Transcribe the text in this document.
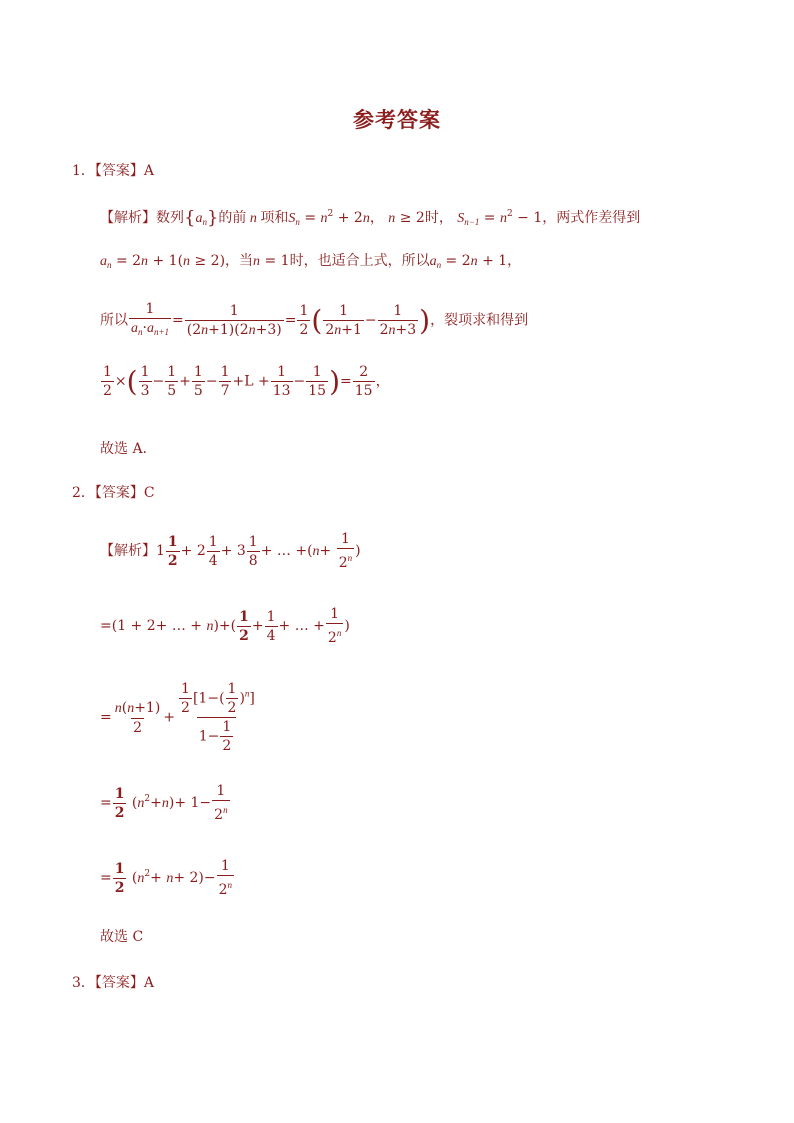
参考答案
1．【答案】A
【解析】数列$\{a_n\}$的前 n 项和$S_n = n^2 + 2n$， n ≥ 2时， $S_{n-1} = n^2 - 1$，两式作差得到
$a_n = 2n + 1(n \ge 2)$，当n = 1时，也适合上式，所以$a_n = 2n + 1$，
所以 $\frac{1}{a_n\cdot a_{n+1}} = \frac{1}{(2n+1)(2n+3)} = \frac{1}{2}$ ( $\frac{1}{2n+1} - \frac{1}{2n+3}$ )，裂项求和得到
$\frac{1}{2}$ ×( $\frac{1}{3} - \frac{1}{5} + \frac{1}{5} - \frac{1}{7} +L + \frac{1}{13} - \frac{1}{15}$ )= $\frac{2}{15}$ ，
故选 A.
2．【答案】C
【解析】$1 \frac{1}{2} + 2 \frac{1}{4} + 3 \frac{1}{8}$ + … $+(n+ \frac{1}{2^n}$ )
=(1 + 2+ … + $n)+( \frac{1}{2} + \frac{1}{4}$ + … + $\frac{1}{2^n}$ )
= $\frac{n(n+1)}{2} + \frac{\frac{1}{2} [1-( \frac{1}{2} )^n]}{1- \frac{1}{2}}$
= $\frac{1}{2} (n^2+n)+ 1- \frac{1}{2^n}$
= $\frac{1}{2} (n^2+ n+ 2)- \frac{1}{2^n}$
故选 C
3．【答案】A
